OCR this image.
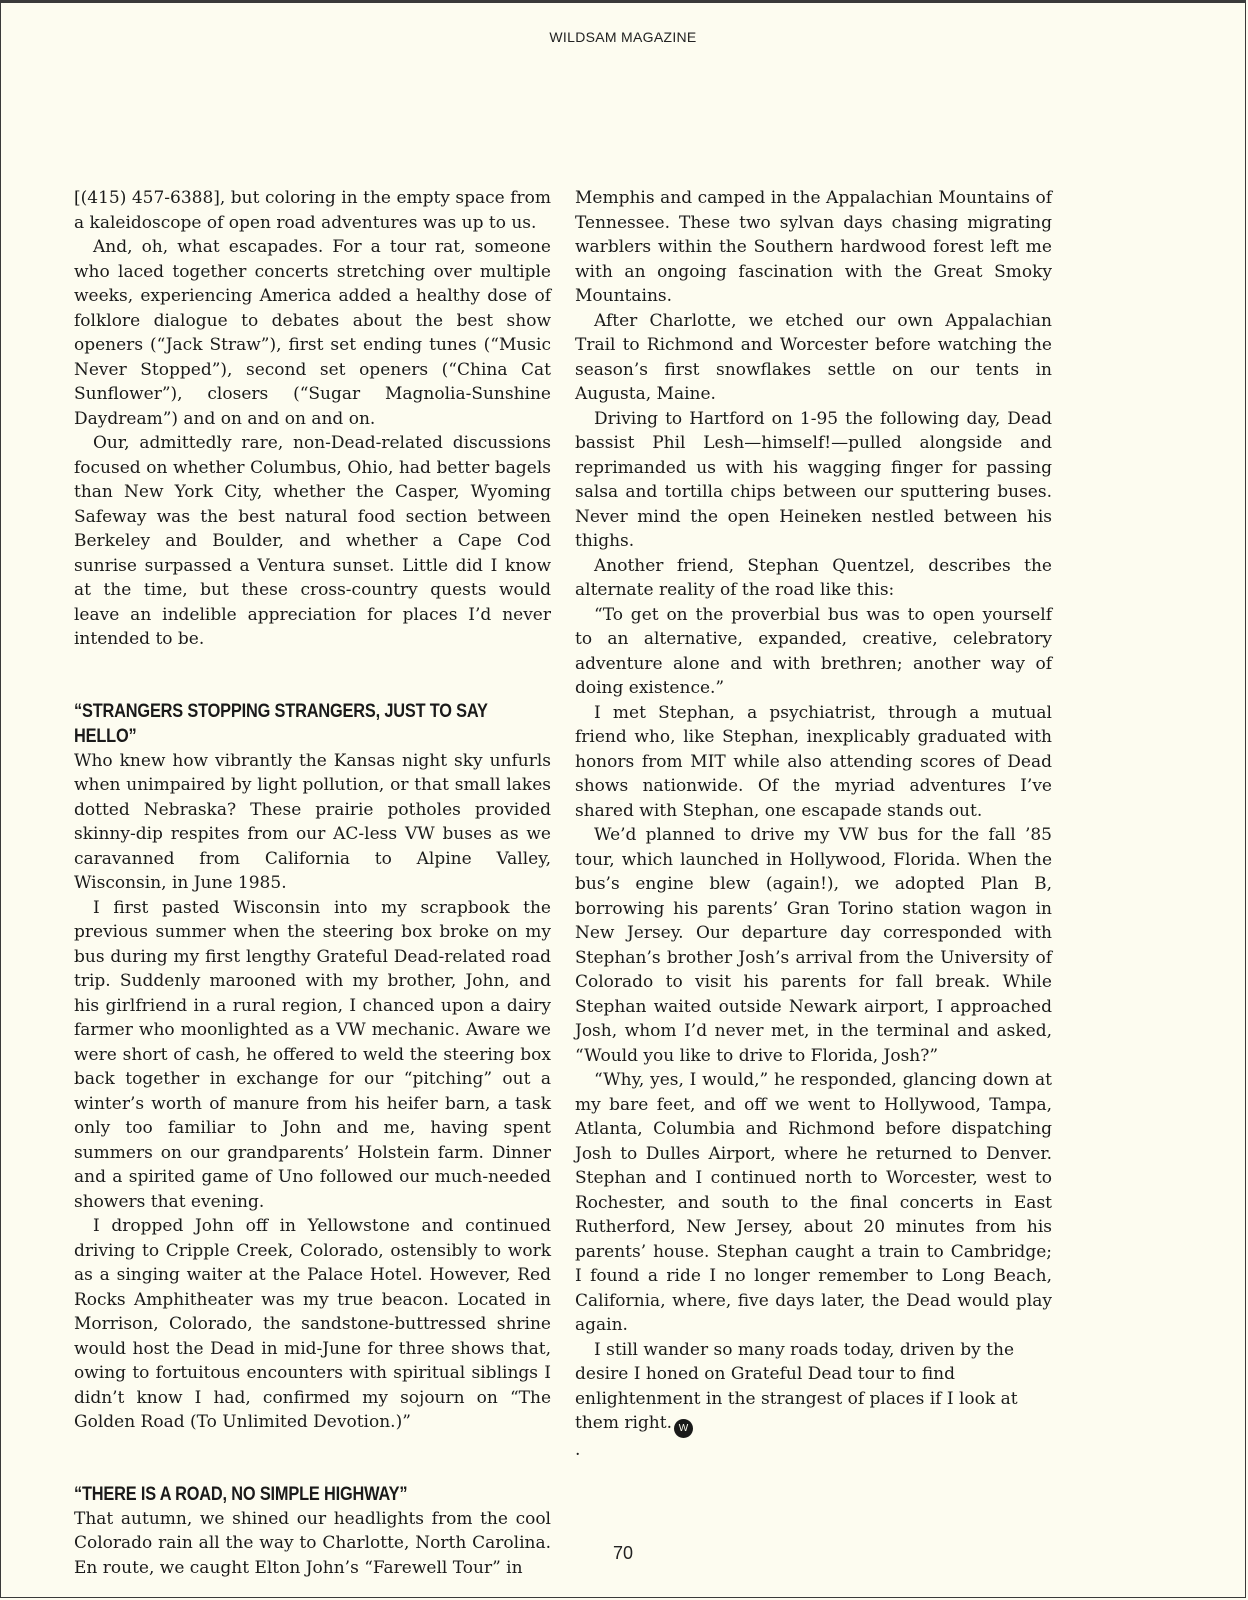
WILDSAM MAGAZINE

[(415) 457-6388], but coloring in the empty space from a kaleidoscope of open road adventures was up to us.

And, oh, what escapades. For a tour rat, someone who laced together concerts stretching over multiple weeks, experiencing America added a healthy dose of folklore dialogue to debates about the best show openers (“Jack Straw”), first set ending tunes (“Music Never Stopped”), second set openers (“China Cat Sunflower”), closers (“Sugar Magnolia-Sunshine Daydream”) and on and on and on.

Our, admittedly rare, non-Dead-related discussions focused on whether Columbus, Ohio, had better bagels than New York City, whether the Casper, Wyoming Safeway was the best natural food section between Berkeley and Boulder, and whether a Cape Cod sunrise surpassed a Ventura sunset. Little did I know at the time, but these cross-country quests would leave an indelible appreciation for places I’d never intended to be.

“STRANGERS STOPPING STRANGERS, JUST TO SAY HELLO”

Who knew how vibrantly the Kansas night sky unfurls when unimpaired by light pollution, or that small lakes dotted Nebraska? These prairie potholes provided skinny-dip respites from our AC-less VW buses as we caravanned from California to Alpine Valley, Wisconsin, in June 1985.

I first pasted Wisconsin into my scrapbook the previous summer when the steering box broke on my bus during my first lengthy Grateful Dead-related road trip. Suddenly marooned with my brother, John, and his girlfriend in a rural region, I chanced upon a dairy farmer who moonlighted as a VW mechanic. Aware we were short of cash, he offered to weld the steering box back together in exchange for our “pitching” out a winter’s worth of manure from his heifer barn, a task only too familiar to John and me, having spent summers on our grandparents’ Holstein farm. Dinner and a spirited game of Uno followed our much-needed showers that evening.

I dropped John off in Yellowstone and continued driving to Cripple Creek, Colorado, ostensibly to work as a singing waiter at the Palace Hotel. However, Red Rocks Amphitheater was my true beacon. Located in Morrison, Colorado, the sandstone-buttressed shrine would host the Dead in mid-June for three shows that, owing to fortuitous encounters with spiritual siblings I didn’t know I had, confirmed my sojourn on “The Golden Road (To Unlimited Devotion.)”

“THERE IS A ROAD, NO SIMPLE HIGHWAY”

That autumn, we shined our headlights from the cool Colorado rain all the way to Charlotte, North Carolina. En route, we caught Elton John’s “Farewell Tour” in

Memphis and camped in the Appalachian Mountains of Tennessee. These two sylvan days chasing migrating warblers within the Southern hardwood forest left me with an ongoing fascination with the Great Smoky Mountains.

After Charlotte, we etched our own Appalachian Trail to Richmond and Worcester before watching the season’s first snowflakes settle on our tents in Augusta, Maine.

Driving to Hartford on 1-95 the following day, Dead bassist Phil Lesh—himself!—pulled alongside and reprimanded us with his wagging finger for passing salsa and tortilla chips between our sputtering buses. Never mind the open Heineken nestled between his thighs.

Another friend, Stephan Quentzel, describes the alternate reality of the road like this:

“To get on the proverbial bus was to open yourself to an alternative, expanded, creative, celebratory adventure alone and with brethren; another way of doing existence.”

I met Stephan, a psychiatrist, through a mutual friend who, like Stephan, inexplicably graduated with honors from MIT while also attending scores of Dead shows nationwide. Of the myriad adventures I’ve shared with Stephan, one escapade stands out.

We’d planned to drive my VW bus for the fall ’85 tour, which launched in Hollywood, Florida. When the bus’s engine blew (again!), we adopted Plan B, borrowing his parents’ Gran Torino station wagon in New Jersey. Our departure day corresponded with Stephan’s brother Josh’s arrival from the University of Colorado to visit his parents for fall break. While Stephan waited outside Newark airport, I approached Josh, whom I’d never met, in the terminal and asked, “Would you like to drive to Florida, Josh?”

“Why, yes, I would,” he responded, glancing down at my bare feet, and off we went to Hollywood, Tampa, Atlanta, Columbia and Richmond before dispatching Josh to Dulles Airport, where he returned to Denver. Stephan and I continued north to Worcester, west to Rochester, and south to the final concerts in East Rutherford, New Jersey, about 20 minutes from his parents’ house. Stephan caught a train to Cambridge; I found a ride I no longer remember to Long Beach, California, where, five days later, the Dead would play again.

I still wander so many roads today, driven by the desire I honed on Grateful Dead tour to find enlightenment in the strangest of places if I look at them right. W

.

70
